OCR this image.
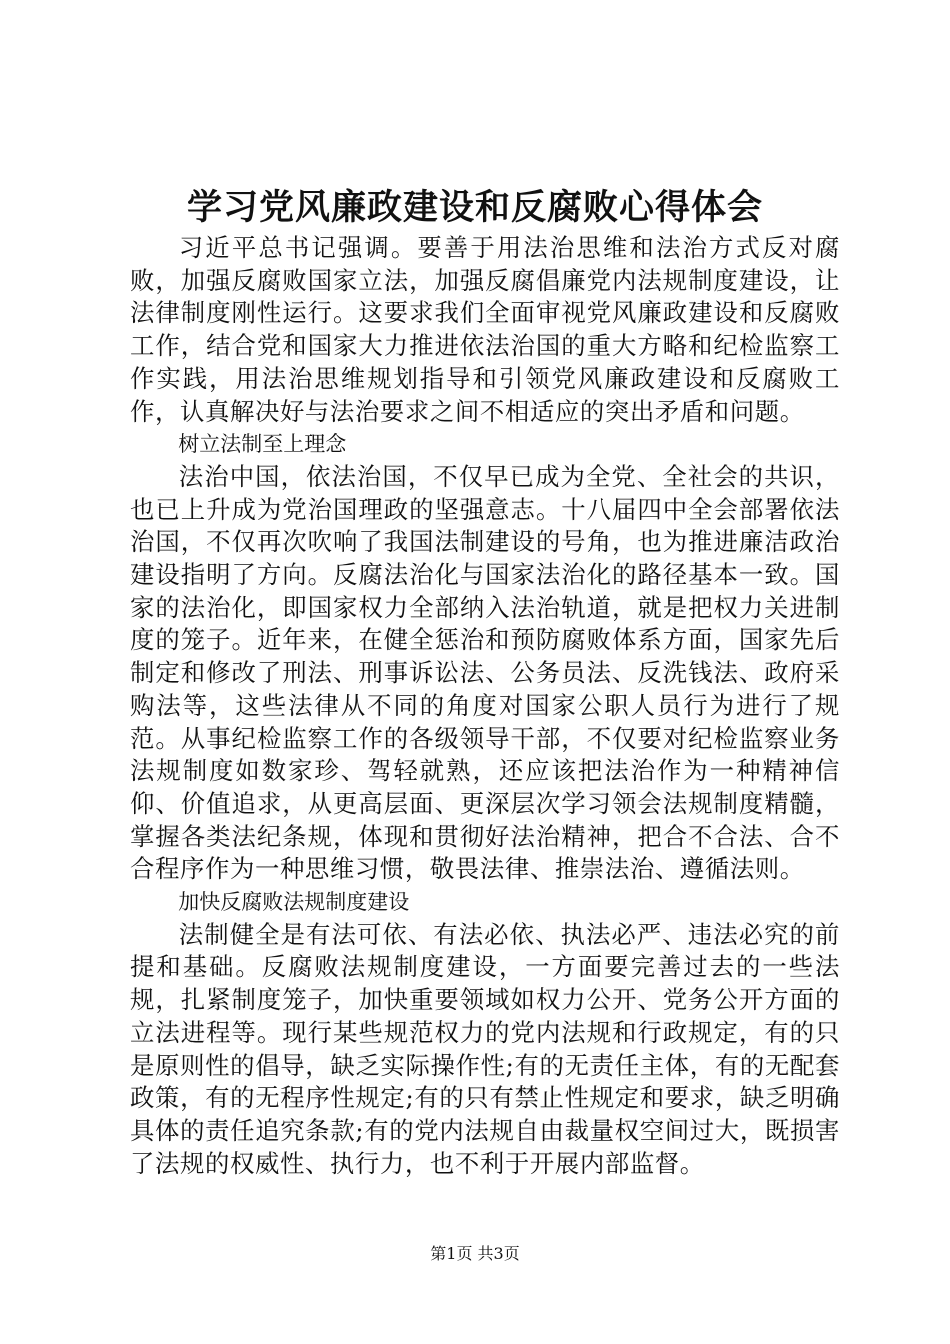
学习党风廉政建设和反腐败心得体会

习近平总书记强调。要善于用法治思维和法治方式反对腐败，加强反腐败国家立法，加强反腐倡廉党内法规制度建设，让法律制度刚性运行。这要求我们全面审视党风廉政建设和反腐败工作，结合党和国家大力推进依法治国的重大方略和纪检监察工作实践，用法治思维规划指导和引领党风廉政建设和反腐败工作，认真解决好与法治要求之间不相适应的突出矛盾和问题。

树立法制至上理念

法治中国，依法治国，不仅早已成为全党、全社会的共识，也已上升成为党治国理政的坚强意志。十八届四中全会部署依法治国，不仅再次吹响了我国法制建设的号角，也为推进廉洁政治建设指明了方向。反腐法治化与国家法治化的路径基本一致。国家的法治化，即国家权力全部纳入法治轨道，就是把权力关进制度的笼子。近年来，在健全惩治和预防腐败体系方面，国家先后制定和修改了刑法、刑事诉讼法、公务员法、反洗钱法、政府采购法等，这些法律从不同的角度对国家公职人员行为进行了规范。从事纪检监察工作的各级领导干部，不仅要对纪检监察业务法规制度如数家珍、驾轻就熟，还应该把法治作为一种精神信仰、价值追求，从更高层面、更深层次学习领会法规制度精髓，掌握各类法纪条规，体现和贯彻好法治精神，把合不合法、合不合程序作为一种思维习惯，敬畏法律、推崇法治、遵循法则。

加快反腐败法规制度建设

法制健全是有法可依、有法必依、执法必严、违法必究的前提和基础。反腐败法规制度建设，一方面要完善过去的一些法规，扎紧制度笼子，加快重要领域如权力公开、党务公开方面的立法进程等。现行某些规范权力的党内法规和行政规定，有的只是原则性的倡导，缺乏实际操作性;有的无责任主体，有的无配套政策，有的无程序性规定;有的只有禁止性规定和要求，缺乏明确具体的责任追究条款;有的党内法规自由裁量权空间过大，既损害了法规的权威性、执行力，也不利于开展内部监督。

第1页 共3页
